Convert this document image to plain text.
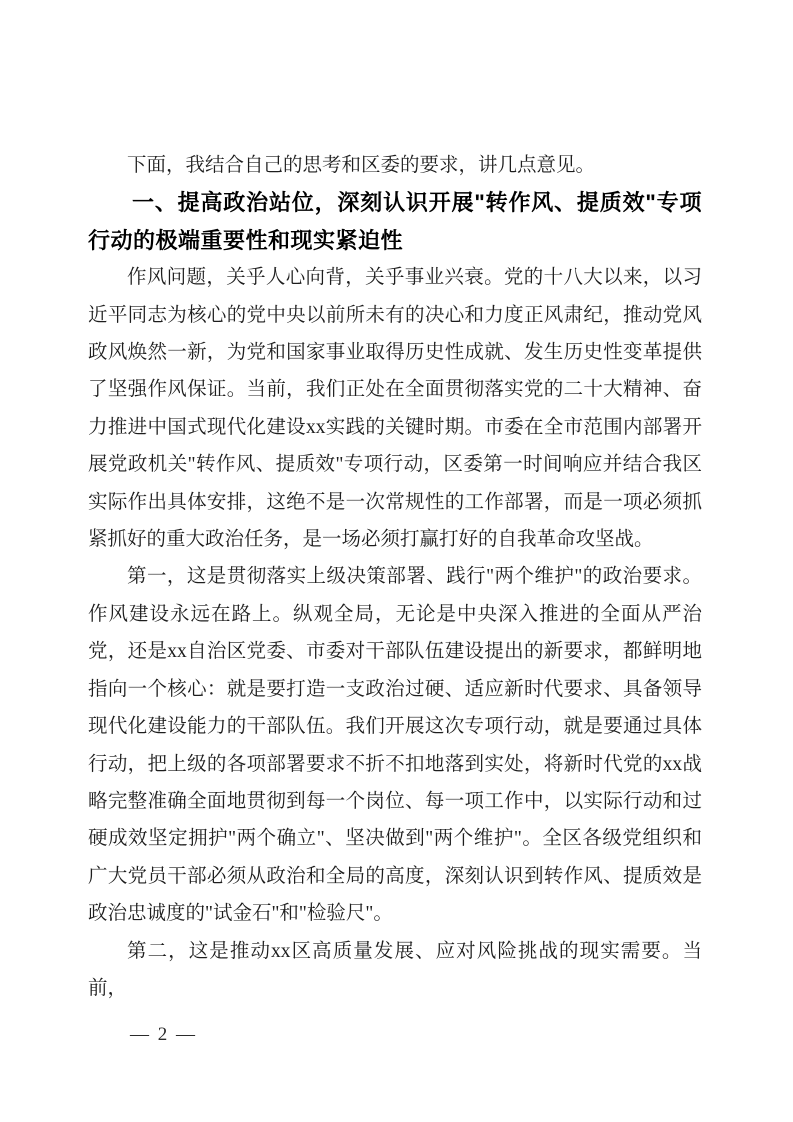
下面，我结合自己的思考和区委的要求，讲几点意见。

一、提高政治站位，深刻认识开展"转作风、提质效"专项行动的极端重要性和现实紧迫性

作风问题，关乎人心向背，关乎事业兴衰。党的十八大以来，以习近平同志为核心的党中央以前所未有的决心和力度正风肃纪，推动党风政风焕然一新，为党和国家事业取得历史性成就、发生历史性变革提供了坚强作风保证。当前，我们正处在全面贯彻落实党的二十大精神、奋力推进中国式现代化建设xx实践的关键时期。市委在全市范围内部署开展党政机关"转作风、提质效"专项行动，区委第一时间响应并结合我区实际作出具体安排，这绝不是一次常规性的工作部署，而是一项必须抓紧抓好的重大政治任务，是一场必须打赢打好的自我革命攻坚战。

第一，这是贯彻落实上级决策部署、践行"两个维护"的政治要求。作风建设永远在路上。纵观全局，无论是中央深入推进的全面从严治党，还是xx自治区党委、市委对干部队伍建设提出的新要求，都鲜明地指向一个核心：就是要打造一支政治过硬、适应新时代要求、具备领导现代化建设能力的干部队伍。我们开展这次专项行动，就是要通过具体行动，把上级的各项部署要求不折不扣地落到实处，将新时代党的xx战略完整准确全面地贯彻到每一个岗位、每一项工作中，以实际行动和过硬成效坚定拥护"两个确立"、坚决做到"两个维护"。全区各级党组织和广大党员干部必须从政治和全局的高度，深刻认识到转作风、提质效是政治忠诚度的"试金石"和"检验尺"。

第二，这是推动xx区高质量发展、应对风险挑战的现实需要。当前，

— 2 —
